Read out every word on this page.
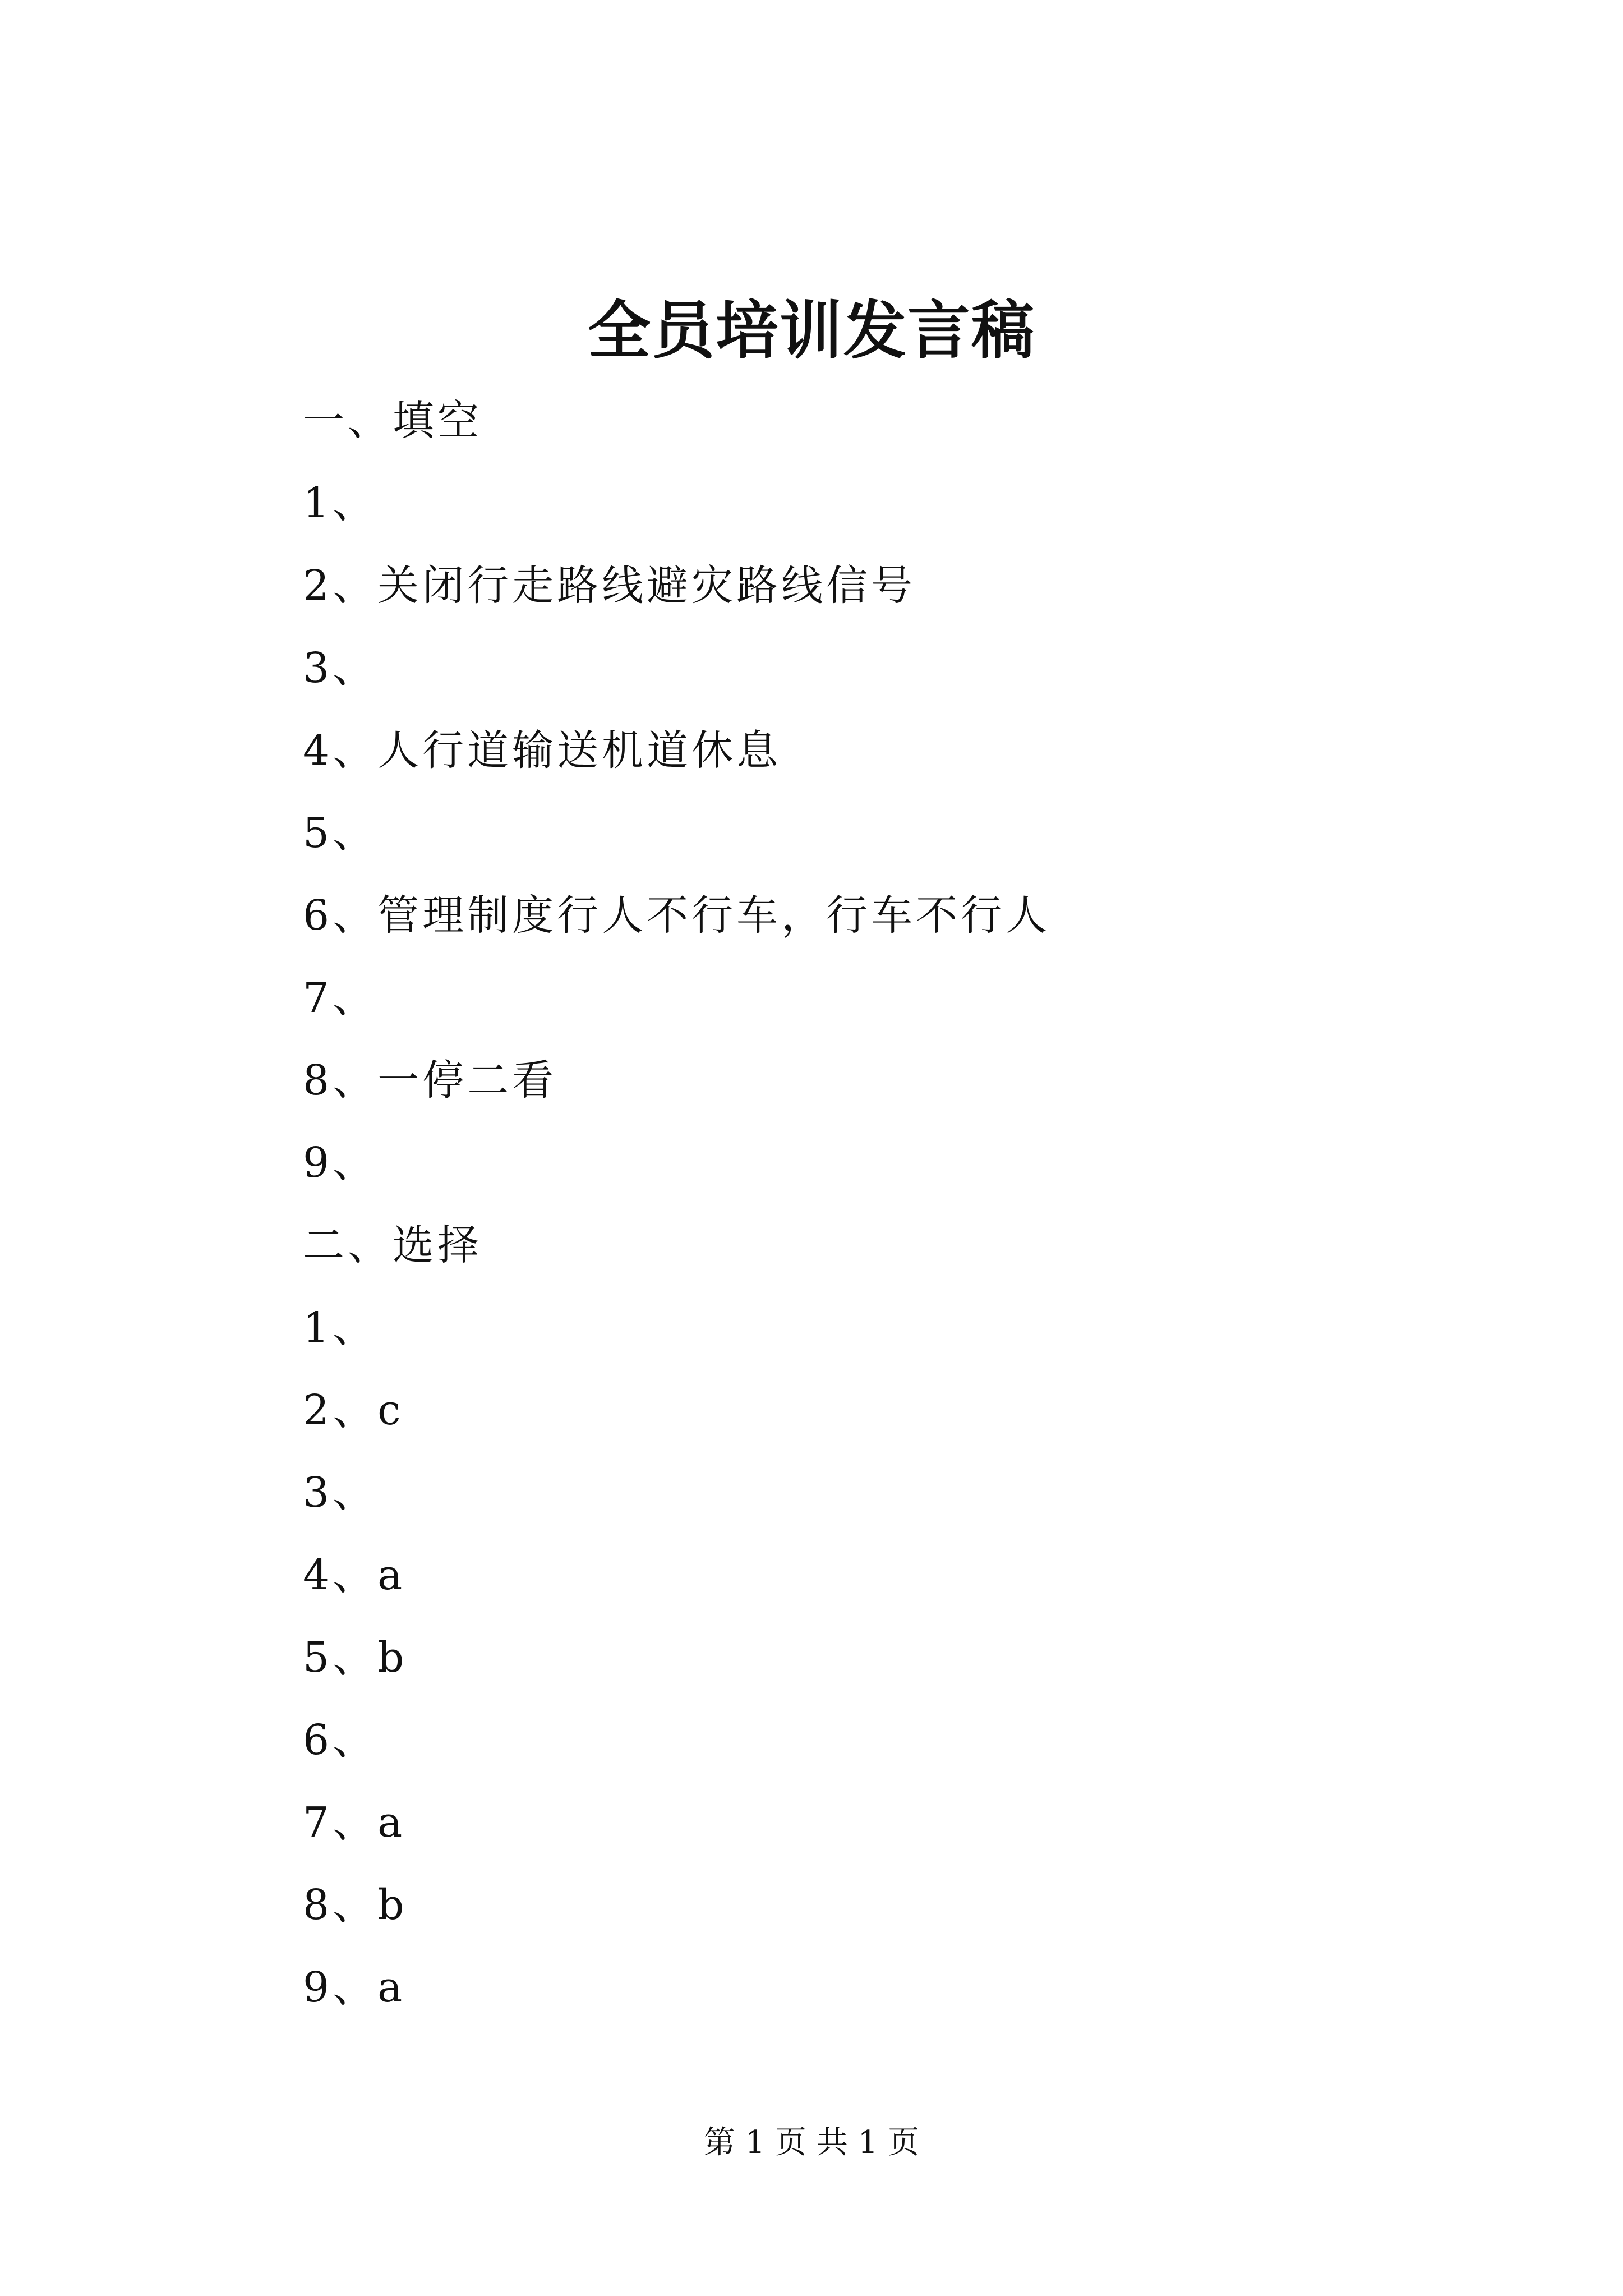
全员培训发言稿
一、填空
1、
2、关闭行走路线避灾路线信号
3、
4、人行道输送机道休息
5、
6、管理制度行人不行车，行车不行人
7、
8、一停二看
9、
二、选择
1、
2、c
3、
4、a
5、b
6、
7、a
8、b
9、a
第 1 页 共 1 页
